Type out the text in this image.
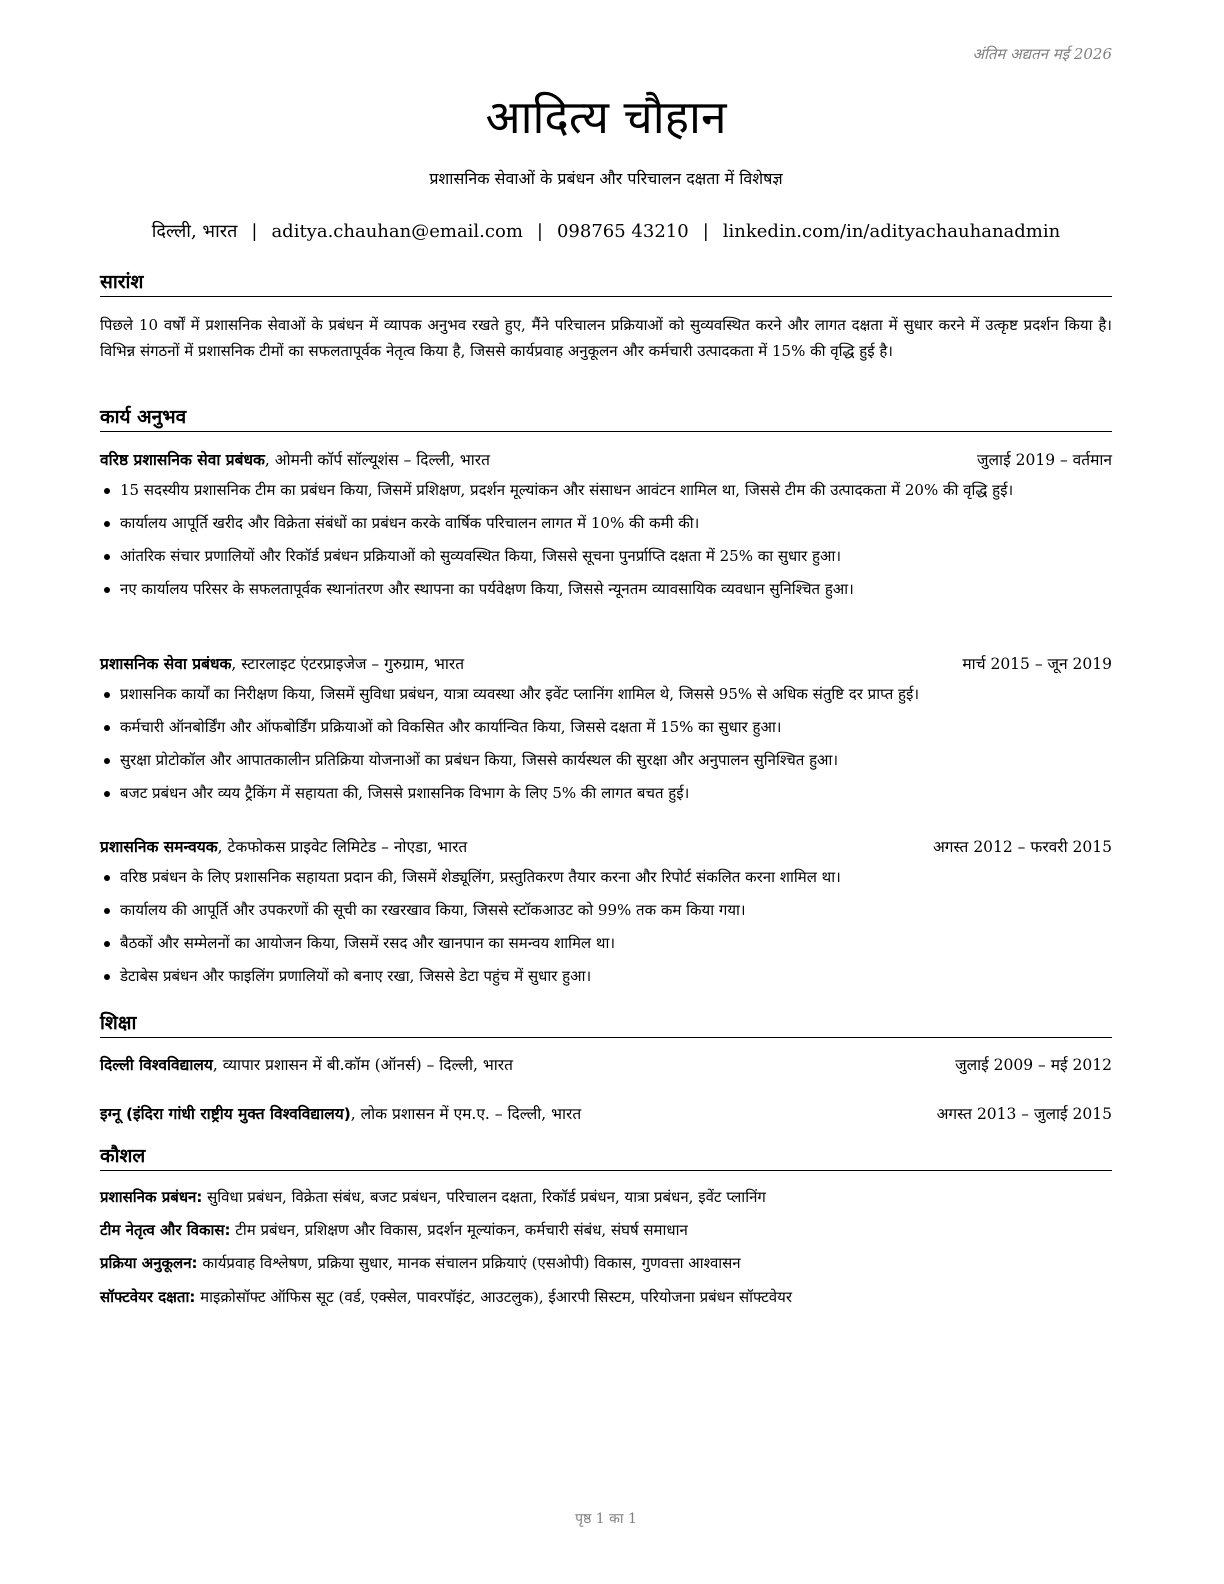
अंतिम अद्यतन मई 2026
आदित्य चौहान
प्रशासनिक सेवाओं के प्रबंधन और परिचालन दक्षता में विशेषज्ञ
दिल्ली, भारत | aditya.chauhan@email.com | 098765 43210 | linkedin.com/in/adityachauhanadmin
सारांश
पिछले 10 वर्षों में प्रशासनिक सेवाओं के प्रबंधन में व्यापक अनुभव रखते हुए, मैंने परिचालन प्रक्रियाओं को सुव्यवस्थित करने और लागत दक्षता में सुधार करने में उत्कृष्ट प्रदर्शन किया है। विभिन्न संगठनों में प्रशासनिक टीमों का सफलतापूर्वक नेतृत्व किया है, जिससे कार्यप्रवाह अनुकूलन और कर्मचारी उत्पादकता में 15% की वृद्धि हुई है।
कार्य अनुभव
वरिष्ठ प्रशासनिक सेवा प्रबंधक, ओमनी कॉर्प सॉल्यूशंस – दिल्ली, भारत	जुलाई 2019 – वर्तमान
15 सदस्यीय प्रशासनिक टीम का प्रबंधन किया, जिसमें प्रशिक्षण, प्रदर्शन मूल्यांकन और संसाधन आवंटन शामिल था, जिससे टीम की उत्पादकता में 20% की वृद्धि हुई।
कार्यालय आपूर्ति खरीद और विक्रेता संबंधों का प्रबंधन करके वार्षिक परिचालन लागत में 10% की कमी की।
आंतरिक संचार प्रणालियों और रिकॉर्ड प्रबंधन प्रक्रियाओं को सुव्यवस्थित किया, जिससे सूचना पुनर्प्राप्ति दक्षता में 25% का सुधार हुआ।
नए कार्यालय परिसर के सफलतापूर्वक स्थानांतरण और स्थापना का पर्यवेक्षण किया, जिससे न्यूनतम व्यावसायिक व्यवधान सुनिश्चित हुआ।
प्रशासनिक सेवा प्रबंधक, स्टारलाइट एंटरप्राइजेज – गुरुग्राम, भारत	मार्च 2015 – जून 2019
प्रशासनिक कार्यों का निरीक्षण किया, जिसमें सुविधा प्रबंधन, यात्रा व्यवस्था और इवेंट प्लानिंग शामिल थे, जिससे 95% से अधिक संतुष्टि दर प्राप्त हुई।
कर्मचारी ऑनबोर्डिंग और ऑफबोर्डिंग प्रक्रियाओं को विकसित और कार्यान्वित किया, जिससे दक्षता में 15% का सुधार हुआ।
सुरक्षा प्रोटोकॉल और आपातकालीन प्रतिक्रिया योजनाओं का प्रबंधन किया, जिससे कार्यस्थल की सुरक्षा और अनुपालन सुनिश्चित हुआ।
बजट प्रबंधन और व्यय ट्रैकिंग में सहायता की, जिससे प्रशासनिक विभाग के लिए 5% की लागत बचत हुई।
प्रशासनिक समन्वयक, टेकफोकस प्राइवेट लिमिटेड – नोएडा, भारत	अगस्त 2012 – फरवरी 2015
वरिष्ठ प्रबंधन के लिए प्रशासनिक सहायता प्रदान की, जिसमें शेड्यूलिंग, प्रस्तुतिकरण तैयार करना और रिपोर्ट संकलित करना शामिल था।
कार्यालय की आपूर्ति और उपकरणों की सूची का रखरखाव किया, जिससे स्टॉकआउट को 99% तक कम किया गया।
बैठकों और सम्मेलनों का आयोजन किया, जिसमें रसद और खानपान का समन्वय शामिल था।
डेटाबेस प्रबंधन और फाइलिंग प्रणालियों को बनाए रखा, जिससे डेटा पहुंच में सुधार हुआ।
शिक्षा
दिल्ली विश्वविद्यालय, व्यापार प्रशासन में बी.कॉम (ऑनर्स) – दिल्ली, भारत	जुलाई 2009 – मई 2012
इग्नू (इंदिरा गांधी राष्ट्रीय मुक्त विश्वविद्यालय), लोक प्रशासन में एम.ए. – दिल्ली, भारत	अगस्त 2013 – जुलाई 2015
कौशल
प्रशासनिक प्रबंधन: सुविधा प्रबंधन, विक्रेता संबंध, बजट प्रबंधन, परिचालन दक्षता, रिकॉर्ड प्रबंधन, यात्रा प्रबंधन, इवेंट प्लानिंग
टीम नेतृत्व और विकास: टीम प्रबंधन, प्रशिक्षण और विकास, प्रदर्शन मूल्यांकन, कर्मचारी संबंध, संघर्ष समाधान
प्रक्रिया अनुकूलन: कार्यप्रवाह विश्लेषण, प्रक्रिया सुधार, मानक संचालन प्रक्रियाएं (एसओपी) विकास, गुणवत्ता आश्वासन
सॉफ्टवेयर दक्षता: माइक्रोसॉफ्ट ऑफिस सूट (वर्ड, एक्सेल, पावरपॉइंट, आउटलुक), ईआरपी सिस्टम, परियोजना प्रबंधन सॉफ्टवेयर
पृष्ठ 1 का 1
